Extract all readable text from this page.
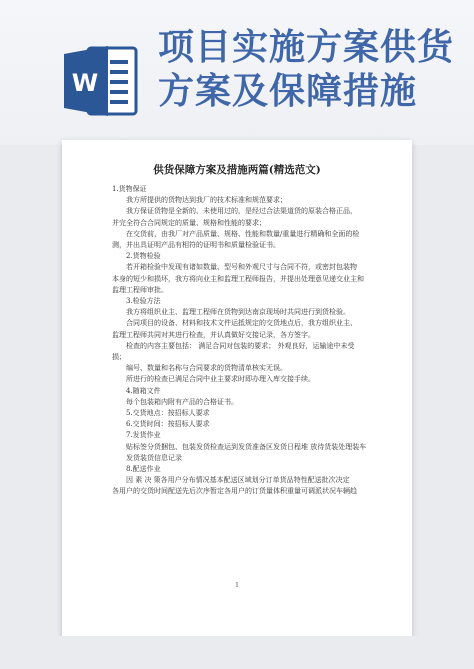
W
项目实施方案供货
方案及保障措施
供货保障方案及措施两篇(精选范文)

1.货物保证

我方所提供的货物达到我厂的技术标准和规范要求；

我方保证货物是全新的、未使用过的，是经过合法渠道货的原装合格正品，

并完全符合合同规定的质量、规格和性能的要求；

在交货前，由我厂对产品质量、规格、性能和数量/重量进行精确和全面的检

测，并出具证明产品有相符的证明书和质量检验证书。

2.货物检验

若开箱检验中发现有诸如数量、型号和外观尺寸与合同不符，或密封包装物

本身的短少和损坏，我方将向业主和监理工程师报告，并提出处理意见递交业主和

监理工程师审批。

3.检验方法

我方将组织业主、监理工程师在货物到达南京现场时共同进行到货检验。

合同项目的设备、材料和技术文件运抵规定的交货地点后，我方组织业主、

监理工程师共同对其进行检查，并认真做好交接记录，各方签字。

检查的内容主要包括： 满足合同对包装的要求； 外观良好，运输途中未受

损；

编号、数量和名称与合同要求的货物清单核实无误。

所进行的检查已满足合同中业主要求时即办理入库交接手续。

4.随箱文件

每个包装箱内附有产品的合格证书。

5.交货地点：按招标人要求

6.交货时间：按招标人要求

7.发货作业

贴标签分货捆包、包装发货检查运到发货准备区发货日程堆 放待货装处理装车

发货装货信息记录

8.配送作业

因 素 决 策各用户分布情况基本配送区域划分订单货品特性配送批次决定

各用户的交货时间配送先后次序暂定各用户的订货量体积重量可调派状况车辆趋

1
